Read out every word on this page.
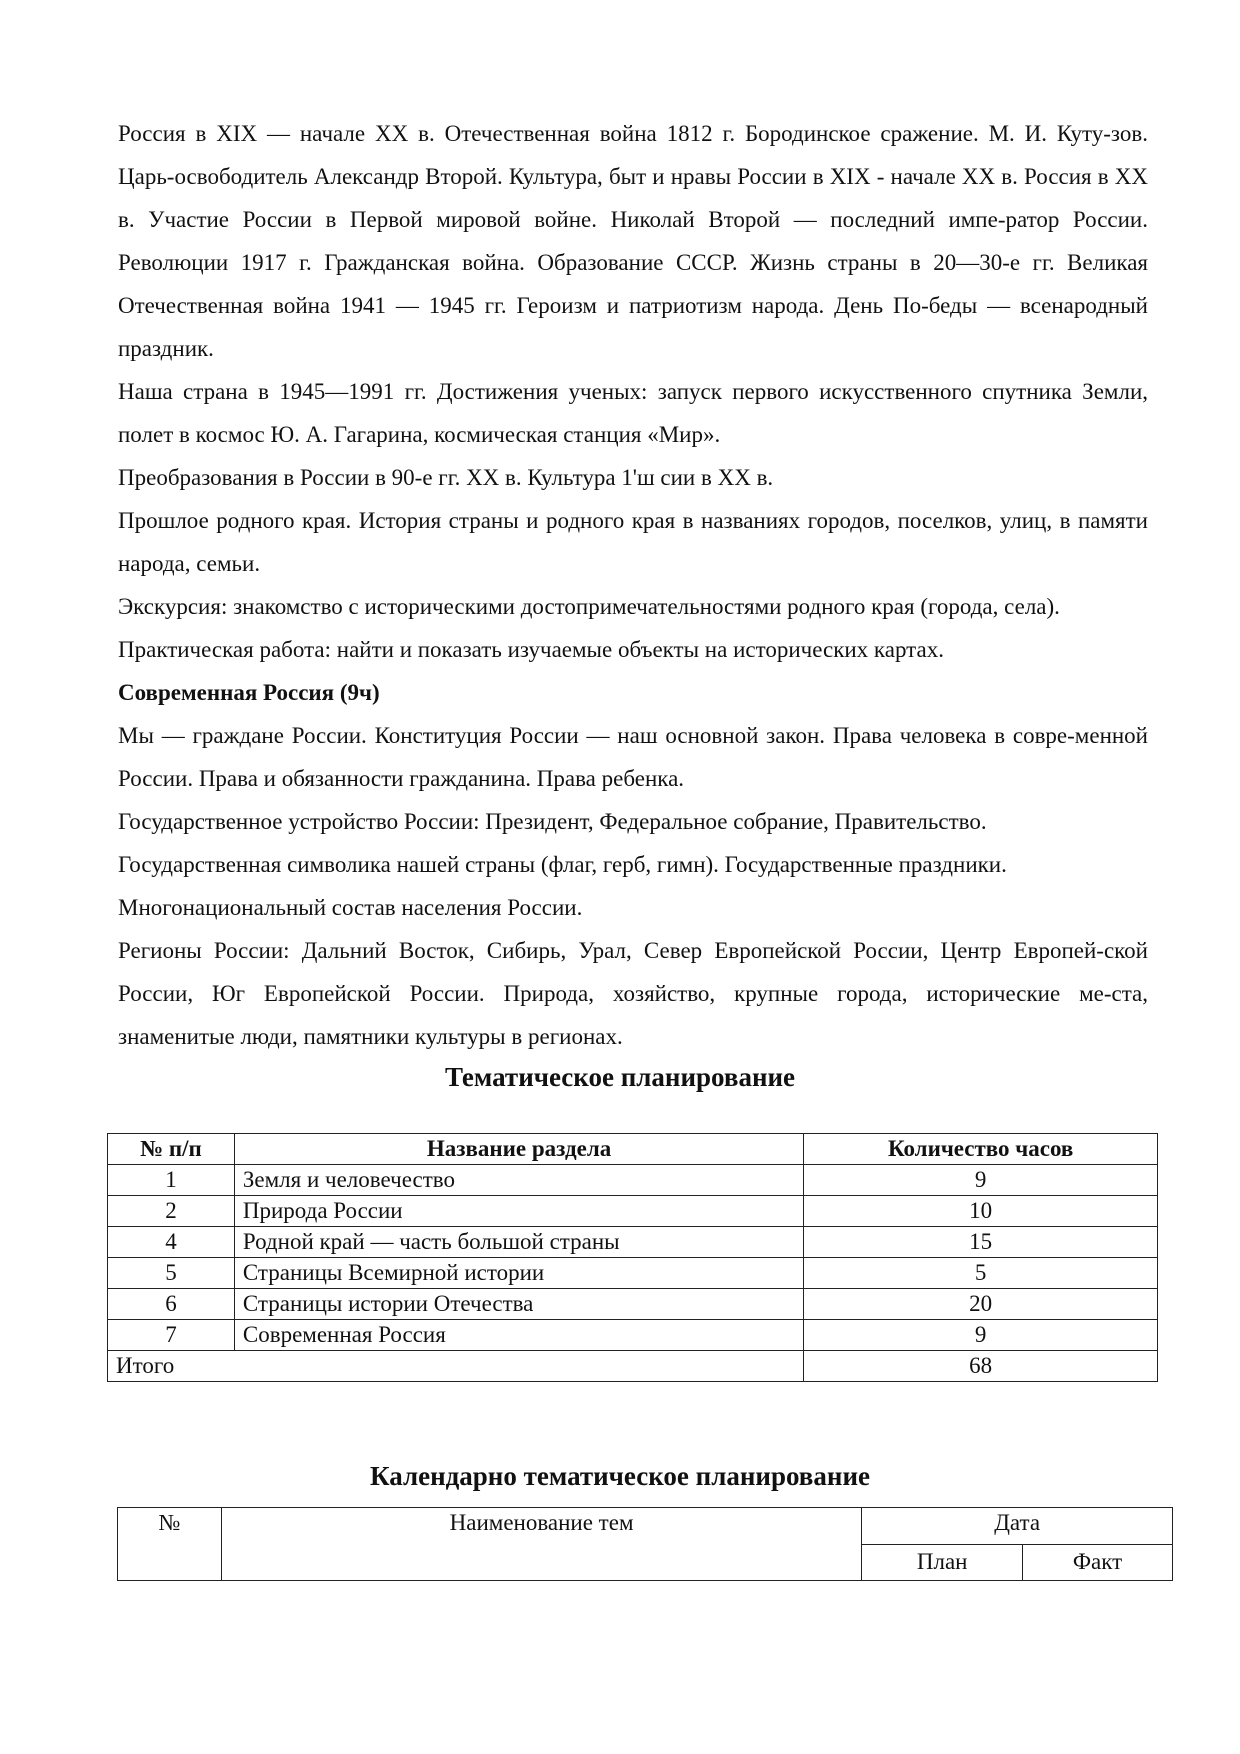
Россия в XIX — начале XX в. Отечественная война 1812 г. Бородинское сражение. М. И. Куту-зов. Царь-освободитель Александр Второй. Культура, быт и нравы России в XIX - начале XX в. Россия в XX в. Участие России в Первой мировой войне. Николай Второй — последний импе-ратор России. Революции 1917 г. Гражданская война. Образование СССР. Жизнь страны в 20—30-е гг. Великая Отечественная война 1941 — 1945 гг. Героизм и патриотизм народа. День По-беды — всенародный праздник.

Наша страна в 1945—1991 гг. Достижения ученых: запуск первого искусственного спутника Земли, полет в космос Ю. А. Гагарина, космическая станция «Мир».

Преобразования в России в 90-е гг. XX в. Культура 1'ш сии в XX в.

Прошлое родного края. История страны и родного края в названиях городов, поселков, улиц, в памяти народа, семьи.

Экскурсия: знакомство с историческими достопримечательностями родного края (города, села).

Практическая работа: найти и показать изучаемые объекты на исторических картах.

Современная Россия (9ч)

Мы — граждане России. Конституция России — наш основной закон. Права человека в совре-менной России. Права и обязанности гражданина. Права ребенка.

Государственное устройство России: Президент, Федеральное собрание, Правительство.

Государственная символика нашей страны (флаг, герб, гимн). Государственные праздники.

Многонациональный состав населения России.

Регионы России: Дальний Восток, Сибирь, Урал, Север Европейской России, Центр Европей-ской России, Юг Европейской России. Природа, хозяйство, крупные города, исторические ме-ста, знаменитые люди, памятники культуры в регионах.

Тематическое планирование
№ п/п	Название раздела	Количество часов
1	Земля и человечество	9
2	Природа России	10
4	Родной край — часть большой страны	15
5	Страницы Всемирной истории	5
6	Страницы истории Отечества	20
7	Современная Россия	9
Итого		68
Календарно тематическое планирование
№	Наименование тем	Дата	
		План	Факт
